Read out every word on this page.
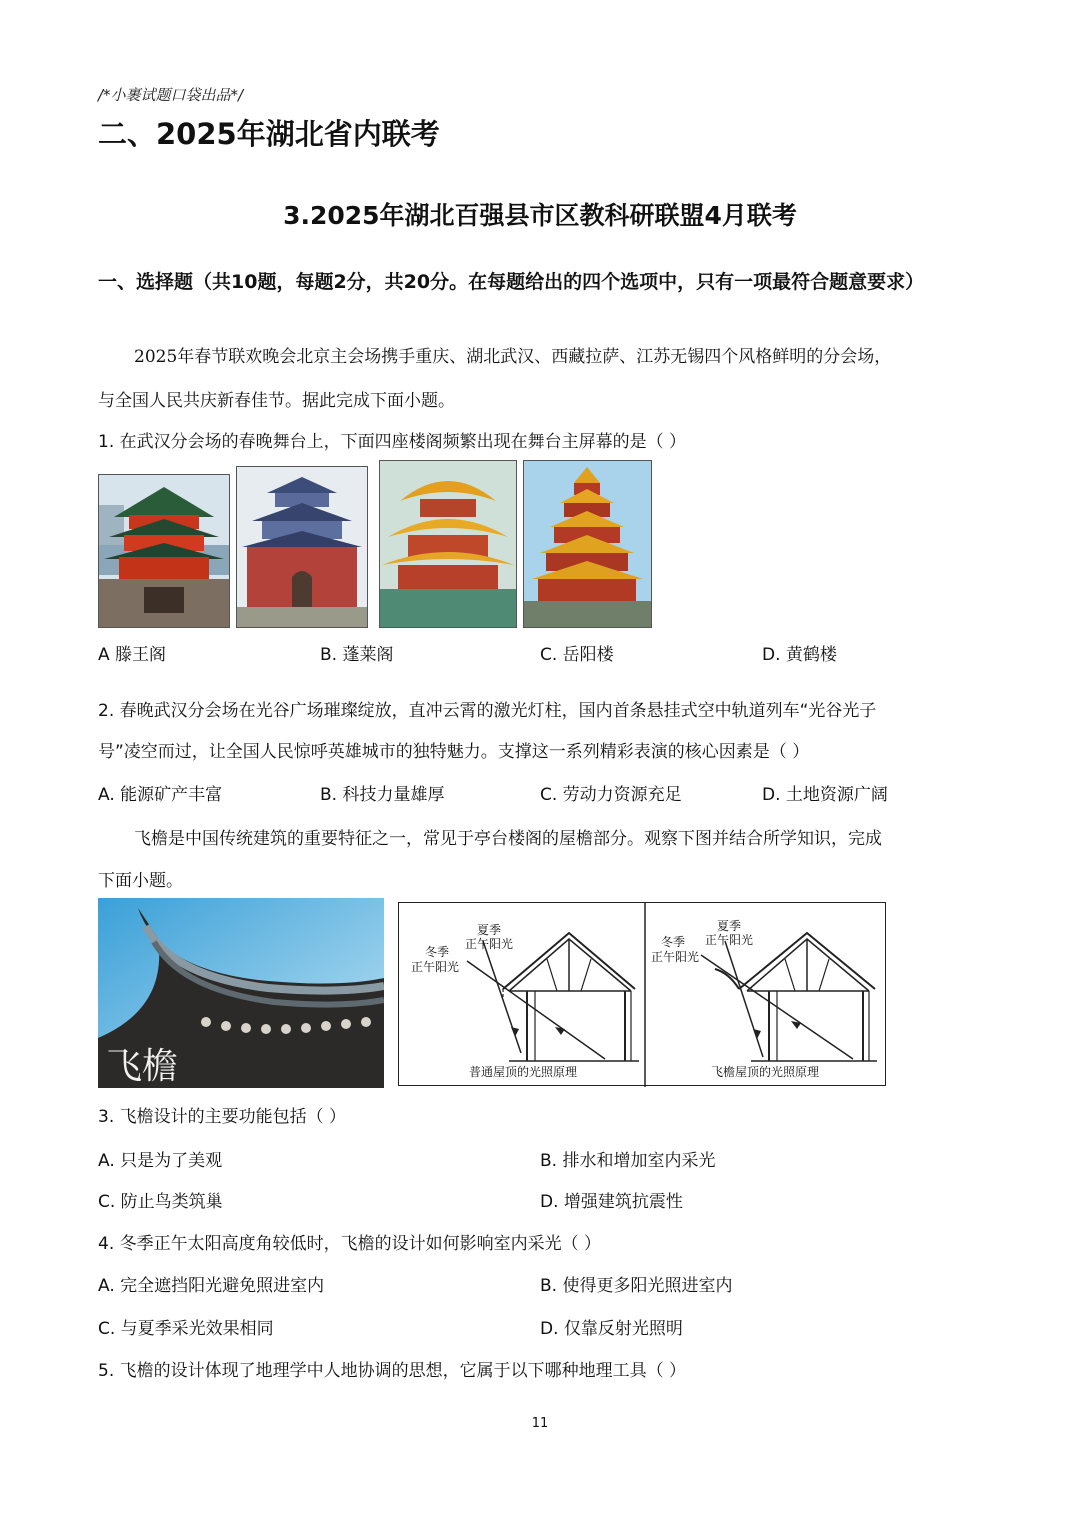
/*小裹试题口袋出品*/
二、2025年湖北省内联考
3.2025年湖北百强县市区教科研联盟4月联考
一、选择题（共10题，每题2分，共20分。在每题给出的四个选项中，只有一项最符合题意要求）
2025年春节联欢晚会北京主会场携手重庆、湖北武汉、西藏拉萨、江苏无锡四个风格鲜明的分会场，
与全国人民共庆新春佳节。据此完成下面小题。
1. 在武汉分会场的春晚舞台上，下面四座楼阁频繁出现在舞台主屏幕的是（ ）
A 滕王阁	B. 蓬莱阁	C. 岳阳楼	D. 黄鹤楼
2. 春晚武汉分会场在光谷广场璀璨绽放，直冲云霄的激光灯柱，国内首条悬挂式空中轨道列车“光谷光子
号”凌空而过，让全国人民惊呼英雄城市的独特魅力。支撑这一系列精彩表演的核心因素是（ ）
A. 能源矿产丰富	B. 科技力量雄厚	C. 劳动力资源充足	D. 土地资源广阔
飞檐是中国传统建筑的重要特征之一，常见于亭台楼阁的屋檐部分。观察下图并结合所学知识，完成
下面小题。
飞檐
夏季
正午阳光
冬季
正午阳光
普通屋顶的光照原理
夏季
正午阳光
冬季
正午阳光
飞檐屋顶的光照原理
3. 飞檐设计的主要功能包括（ ）
A. 只是为了美观	B. 排水和增加室内采光
C. 防止鸟类筑巢	D. 增强建筑抗震性
4. 冬季正午太阳高度角较低时，飞檐的设计如何影响室内采光（ ）
A. 完全遮挡阳光避免照进室内	B. 使得更多阳光照进室内
C. 与夏季采光效果相同	D. 仅靠反射光照明
5. 飞檐的设计体现了地理学中人地协调的思想，它属于以下哪种地理工具（ ）
11
